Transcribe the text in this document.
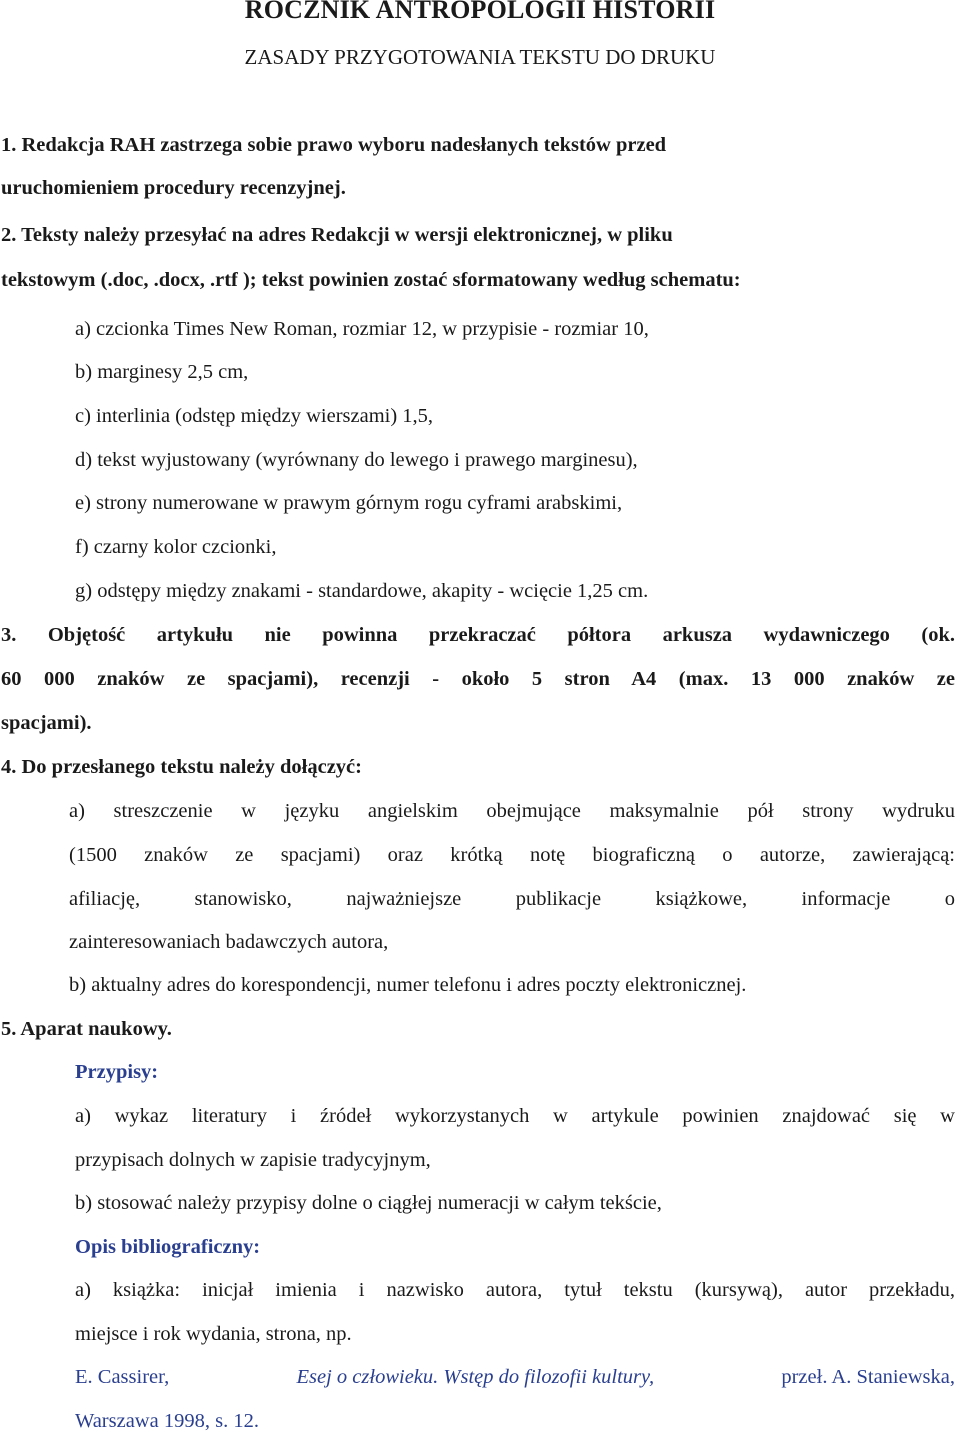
ROCZNIK ANTROPOLOGII HISTORII
ZASADY PRZYGOTOWANIA TEKSTU DO DRUKU
1. Redakcja RAH zastrzega sobie prawo wyboru nadesłanych tekstów przed
uruchomieniem procedury recenzyjnej.
2. Teksty należy przesyłać na adres Redakcji w wersji elektronicznej, w pliku
tekstowym (.doc, .docx, .rtf ); tekst powinien zostać sformatowany według schematu:
a) czcionka Times New Roman, rozmiar 12, w przypisie - rozmiar 10,
b) marginesy 2,5 cm,
c) interlinia (odstęp między wierszami) 1,5,
d) tekst wyjustowany (wyrównany do lewego i prawego marginesu),
e) strony numerowane w prawym górnym rogu cyframi arabskimi,
f) czarny kolor czcionki,
g) odstępy między znakami - standardowe, akapity - wcięcie 1,25 cm.
3. Objętość artykułu nie powinna przekraczać półtora arkusza wydawniczego (ok.
60 000 znaków ze spacjami), recenzji - około 5 stron A4 (max. 13 000 znaków ze
spacjami).
4. Do przesłanego tekstu należy dołączyć:
a) streszczenie w języku angielskim obejmujące maksymalnie pół strony wydruku
(1500 znaków ze spacjami) oraz krótką notę biograficzną o autorze, zawierającą:
afiliację, stanowisko, najważniejsze publikacje książkowe, informacje o
zainteresowaniach badawczych autora,
b) aktualny adres do korespondencji, numer telefonu i adres poczty elektronicznej.
5. Aparat naukowy.
Przypisy:
a) wykaz literatury i źródeł wykorzystanych w artykule powinien znajdować się w
przypisach dolnych w zapisie tradycyjnym,
b) stosować należy przypisy dolne o ciągłej numeracji w całym tekście,
Opis bibliograficzny:
a) książka: inicjał imienia i nazwisko autora, tytuł tekstu (kursywą), autor przekładu,
miejsce i rok wydania, strona, np.
E. Cassirer,	Esej o człowieku. Wstęp do filozofii kultury,	przeł. A. Staniewska,
Warszawa 1998, s. 12.
